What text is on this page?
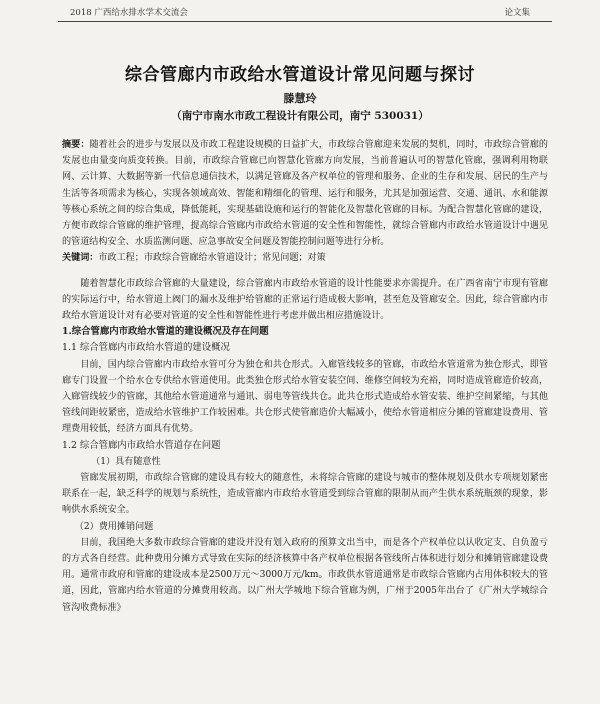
2018 广西给水排水学术交流会	论文集
综合管廊内市政给水管道设计常见问题与探讨
滕慧玲
（南宁市南水市政工程设计有限公司，南宁 530031）

摘要：随着社会的进步与发展以及市政工程建设规模的日益扩大，市政综合管廊迎来发展的契机，同时，市政综合管廊的发展也由量变向质变转换。目前，市政综合管廊已向智慧化管廊方向发展，当前普遍认可的智慧化管廊，强调利用物联网、云计算、大数据等新一代信息通信技术，以满足管廊及各产权单位的管理和服务、企业的生存和发展、居民的生产与生活等各项需求为核心，实现各领域高效、智能和精细化的管理、运行和服务，尤其是加强运营、交通、通讯、水和能源等核心系统之间的综合集成，降低能耗，实现基础设施和运行的智能化及智慧化管廊的目标。为配合智慧化管廊的建设，方便市政综合管廊的维护管理，提高综合管廊内市政给水管道的安全性和智能性，就综合管廊内市政给水管道设计中遇见的管道结构安全、水质监测问题、应急事故安全问题及智能控制问题等进行分析。

关键词：市政工程；市政综合管廊给水管道设计；常见问题；对策

随着智慧化市政综合管廊的大量建设，综合管廊内市政给水管道的设计性能要求亦需提升。在广西省南宁市现有管廊的实际运行中，给水管道上阀门的漏水及维护给管廊的正常运行造成极大影响，甚至危及管廊安全。因此，综合管廊内市政给水管道设计对有必要对管道的安全性和智能性进行考虑并做出相应措施设计。

1.综合管廊内市政给水管道的建设概况及存在问题

1.1 综合管廊内市政给水管道的建设概况

目前，国内综合管廊内市政给水管可分为独仓和共仓形式。入廊管线较多的管廊，市政给水管道常为独仓形式，即管廊专门设置一个给水仓专供给水管道使用。此类独仓形式给水管安装空间、维修空间较为充裕，同时造成管廊造价较高，入廊管线较少的管廊，其他给水管道通常与通讯、弱电等管线共仓。此共仓形式造成给水管安装、维护空间紧缩，与其他管线间距较紧密，造成给水管维护工作较困难。共仓形式使管廊造价大幅减小，使给水管道相应分摊的管廊建设费用、管理费用较低，经济方面具有优势。

1.2 综合管廊内市政给水管道存在问题

（1）具有随意性

管廊发展初期，市政综合管廊的建设具有较大的随意性，未将综合管廊的建设与城市的整体规划及供水专项规划紧密联系在一起，缺乏科学的规划与系统性，造成管廊内市政给水管道受到综合管廊的限制从而产生供水系统瓶颈的现象，影响供水系统安全。

（2）费用摊销问题

目前，我国绝大多数市政综合管廊的建设并没有划入政府的预算文出当中，而是各个产权单位以认收定支、自负盈亏的方式各自经营。此种费用分摊方式导致在实际的经济核算中各产权单位根据各管线所占体积进行划分和摊销管廊建设费用。通常市政府和管廊的建设成本是2500万元～3000万元/km。市政供水管道通常是市政综合管廊内占用体积较大的管道，因此，管廊内给水管道的分摊费用较高。以广州大学城地下综合管廊为例，广州于2005年出台了《广州大学城综合管沟收费标准》
